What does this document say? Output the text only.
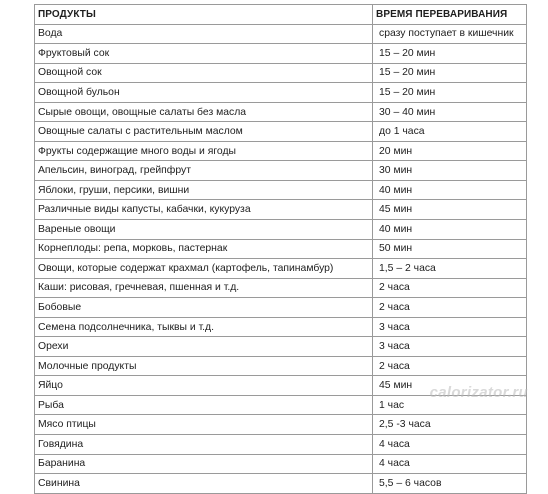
ПРОДУКТЫ	ВРЕМЯ ПЕРЕВАРИВАНИЯ
Вода	сразу поступает в кишечник
Фруктовый сок	15 – 20 мин
Овощной сок	15 – 20 мин
Овощной бульон	15 – 20 мин
Сырые овощи, овощные салаты без масла	30 – 40 мин
Овощные салаты с растительным маслом	до 1 часа
Фрукты содержащие много воды и ягоды	20 мин
Апельсин, виноград, грейпфрут	30 мин
Яблоки, груши, персики, вишни	40 мин
Различные виды капусты, кабачки, кукуруза	45 мин
Вареные овощи	40 мин
Корнеплоды: репа, морковь, пастернак	50 мин
Овощи, которые содержат крахмал (картофель, тапинамбур)	1,5 – 2 часа
Каши: рисовая, гречневая, пшенная и т.д.	2 часа
Бобовые	2 часа
Семена подсолнечника, тыквы и т.д.	3 часа
Орехи	3 часа
Молочные продукты	2 часа
Яйцо	45 мин
Рыба	1 час
Мясо птицы	2,5 -3 часа
Говядина	4 часа
Баранина	4 часа
Свинина	5,5 – 6 часов
calorizator.ru
